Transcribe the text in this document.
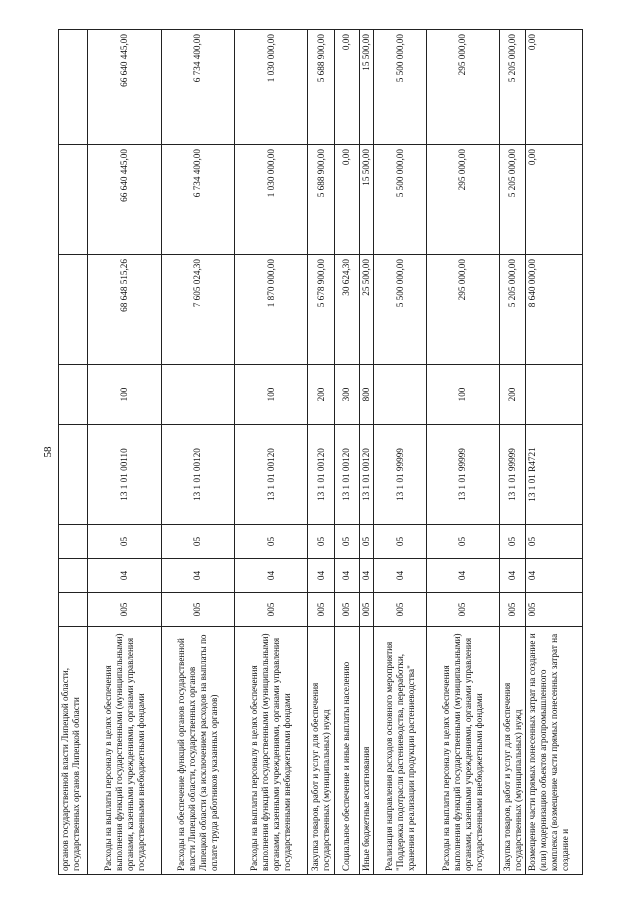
58
органов государственной власти Липецкой области, государственных органов Липецкой области								

Расходы на выплаты персоналу в целях обеспечения выполнения функций государственными (муниципальными) органами, казенными учреждениями, органами управления государственными внебюджетными фондами	005	04	05	13 1 01 00110	100	68 648 515,26	66 640 445,00	66 640 445,00

Расходы на обеспечение функций органов государственной власти Липецкой области, государственных органов Липецкой области (за исключением расходов на выплаты по оплате труда работников указанных органов)	005	04	05	13 1 01 00120		7 605 024,30	6 734 400,00	6 734 400,00

Расходы на выплаты персоналу в целях обеспечения выполнения функций государственными (муниципальными) органами, казенными учреждениями, органами управления государственными внебюджетными фондами	005	04	05	13 1 01 00120	100	1 870 000,00	1 030 000,00	1 030 000,00

Закупка товаров, работ и услуг для обеспечения государственных (муниципальных) нужд	005	04	05	13 1 01 00120	200	5 678 900,00	5 688 900,00	5 688 900,00

Социальное обеспечение и иные выплаты населению	005	04	05	13 1 01 00120	300	30 624,30	0,00	0,00

Иные бюджетные ассигнования	005	04	05	13 1 01 00120	800	25 500,00	15 500,00	15 500,00

Реализация направления расходов основного мероприятия "Поддержка подотрасли растениеводства, переработки, хранения и реализации продукции растениеводства"	005	04	05	13 1 01 99999		5 500 000,00	5 500 000,00	5 500 000,00

Расходы на выплаты персоналу в целях обеспечения выполнения функций государственными (муниципальными) органами, казенными учреждениями, органами управления государственными внебюджетными фондами	005	04	05	13 1 01 99999	100	295 000,00	295 000,00	295 000,00

Закупка товаров, работ и услуг для обеспечения государственных (муниципальных) нужд	005	04	05	13 1 01 99999	200	5 205 000,00	5 205 000,00	5 205 000,00

Возмещение части прямых понесенных затрат на создание и (или) модернизацию объектов агропромышленного комплекса (возмещение части прямых понесенных затрат на создание и	005	04	05	13 1 01 R4721		8 640 000,00	0,00	0,00
